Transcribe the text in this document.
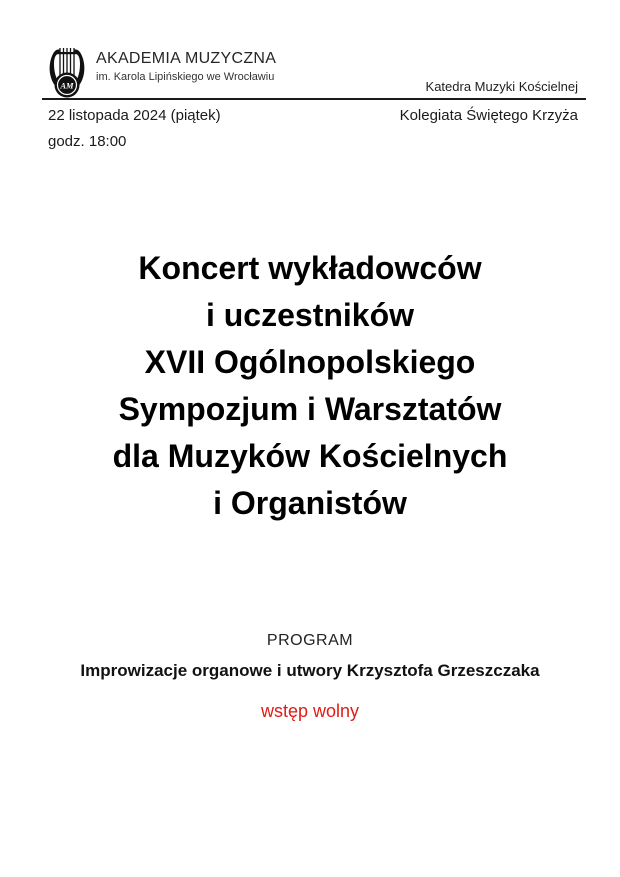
AM
AKADEMIA MUZYCZNA
im. Karola Lipińskiego we Wrocławiu
Katedra Muzyki Kościelnej
22 listopada 2024 (piątek)	Kolegiata Świętego Krzyża
godz. 18:00
Koncert wykładowców
i uczestników
XVII Ogólnopolskiego
Sympozjum i Warsztatów
dla Muzyków Kościelnych
i Organistów
PROGRAM
Improwizacje organowe i utwory Krzysztofa Grzeszczaka
wstęp wolny
